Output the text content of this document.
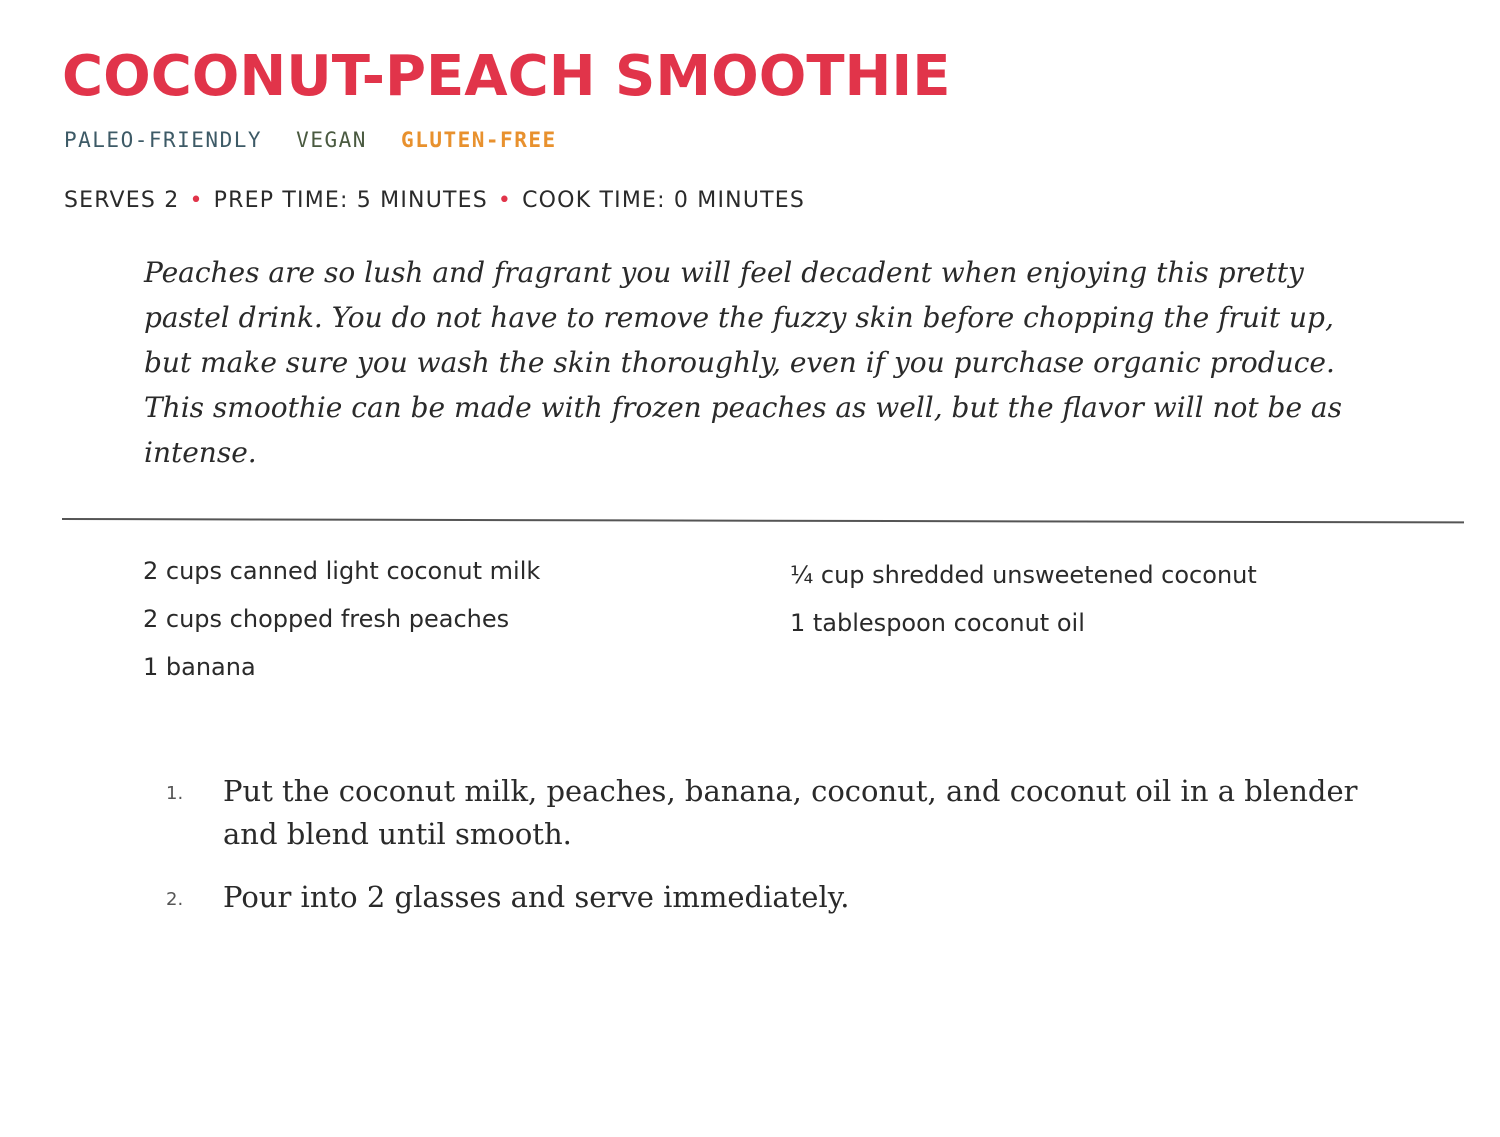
COCONUT-PEACH SMOOTHIE
PALEO-FRIENDLY VEGAN GLUTEN-FREE
SERVES 2 • PREP TIME: 5 MINUTES • COOK TIME: 0 MINUTES

Peaches are so lush and fragrant you will feel decadent when enjoying this pretty pastel drink. You do not have to remove the fuzzy skin before chopping the fruit up, but make sure you wash the skin thoroughly, even if you purchase organic produce. This smoothie can be made with frozen peaches as well, but the flavor will not be as intense.

2 cups canned light coconut milk
2 cups chopped fresh peaches
1 banana
¼ cup shredded unsweetened coconut
1 tablespoon coconut oil
1. Put the coconut milk, peaches, banana, coconut, and coconut oil in a blender and blend until smooth.
2. Pour into 2 glasses and serve immediately.
